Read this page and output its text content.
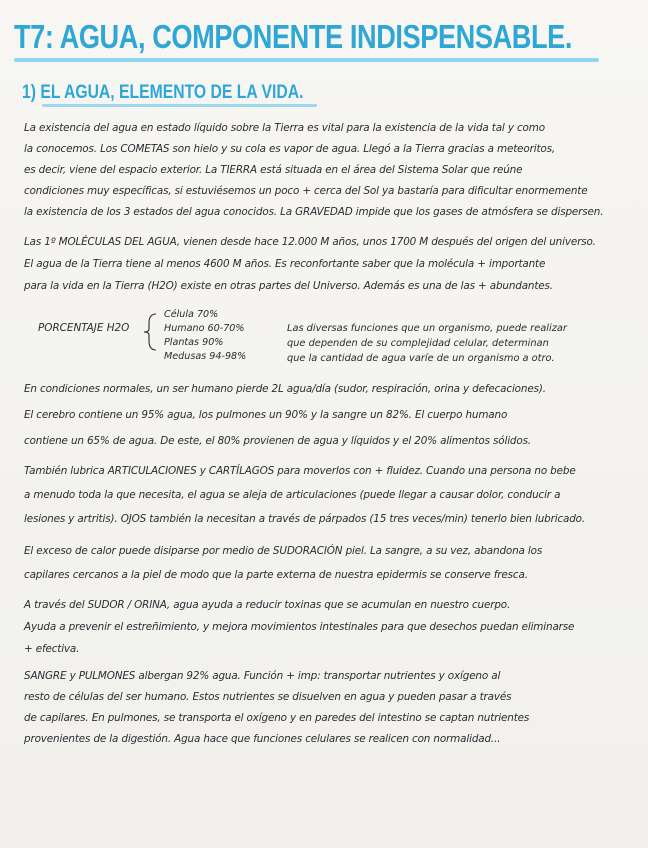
T7: AGUA, COMPONENTE INDISPENSABLE.
1) EL AGUA, ELEMENTO DE LA VIDA.
La existencia del agua en estado líquido sobre la Tierra es vital para la existencia de la vida tal y como
la conocemos. Los COMETAS son hielo y su cola es vapor de agua. Llegó a la Tierra gracias a meteoritos,
es decir, viene del espacio exterior. La TIERRA está situada en el área del Sistema Solar que reúne
condiciones muy específicas, si estuviésemos un poco + cerca del Sol ya bastaría para dificultar enormemente
la existencia de los 3 estados del agua conocidos. La GRAVEDAD impide que los gases de atmósfera se dispersen.
Las 1º MOLÉCULAS DEL AGUA, vienen desde hace 12.000 M años, unos 1700 M después del origen del universo.
El agua de la Tierra tiene al menos 4600 M años. Es reconfortante saber que la molécula + importante
para la vida en la Tierra (H2O) existe en otras partes del Universo. Además es una de las + abundantes.
PORCENTAJE H2O
Célula 70%
Humano 60-70%
Plantas 90%
Medusas 94-98%
Las diversas funciones que un organismo, puede realizar
que dependen de su complejidad celular, determinan
que la cantidad de agua varíe de un organismo a otro.
En condiciones normales, un ser humano pierde 2L agua/día (sudor, respiración, orina y defecaciones).
El cerebro contiene un 95% agua, los pulmones un 90% y la sangre un 82%. El cuerpo humano
contiene un 65% de agua. De este, el 80% provienen de agua y líquidos y el 20% alimentos sólidos.
También lubrica ARTICULACIONES y CARTÍLAGOS para moverlos con + fluidez. Cuando una persona no bebe
a menudo toda la que necesita, el agua se aleja de articulaciones (puede llegar a causar dolor, conducir a
lesiones y artritis). OJOS también la necesitan a través de párpados (15 tres veces/min) tenerlo bien lubricado.
El exceso de calor puede disiparse por medio de SUDORACIÓN piel. La sangre, a su vez, abandona los
capilares cercanos a la piel de modo que la parte externa de nuestra epidermis se conserve fresca.
A través del SUDOR / ORINA, agua ayuda a reducir toxinas que se acumulan en nuestro cuerpo.
Ayuda a prevenir el estreñimiento, y mejora movimientos intestinales para que desechos puedan eliminarse
+ efectiva.
SANGRE y PULMONES albergan 92% agua. Función + imp: transportar nutrientes y oxígeno al
resto de células del ser humano. Estos nutrientes se disuelven en agua y pueden pasar a través
de capilares. En pulmones, se transporta el oxígeno y en paredes del intestino se captan nutrientes
provenientes de la digestión. Agua hace que funciones celulares se realicen con normalidad...
